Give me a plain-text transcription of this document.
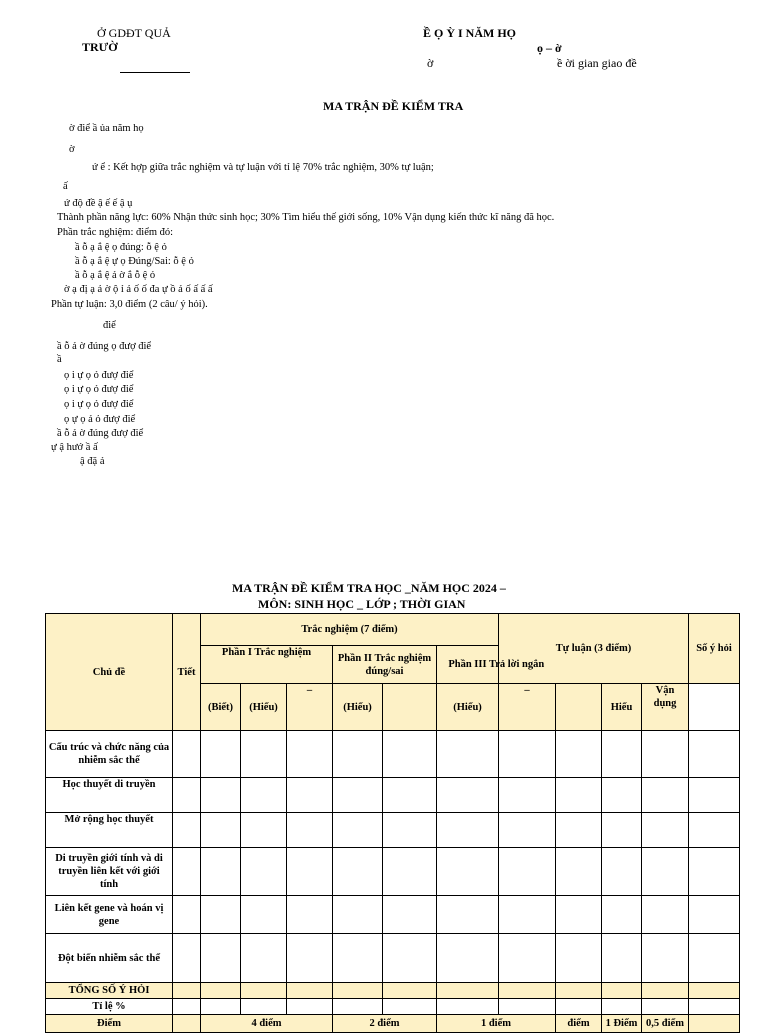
Ở GDĐT QUẢ
TRƯỜ
Ề Ọ Ỳ I NĂM HỌ
ọ – ờ
ờ	ề ời gian giao đề
MA TRẬN ĐỀ KIỂM TRA
ờ điể ầ ủa năm họ
ờ
ứ ể : Kết hợp giữa trắc nghiệm và tự luận với tỉ lệ 70% trắc nghiệm, 30% tự luận;
ấ
ứ độ đề ậ ế ế ậ ụ
Thành phần năng lực: 60% Nhận thức sinh học; 30% Tìm hiểu thế giới sống, 10% Vận dụng kiến thức kĩ năng đã học.
Phần trắc nghiệm: điểm đó:
ầ ỗ ạ ắ ệ ọ đúng: ỗ ệ ỏ
ầ ỗ ạ ắ ệ ự ọ Đúng/Sai: ỗ ệ ỏ
ầ ỗ ạ ắ ệ ả ờ ắ ỗ ệ ỏ
ờ ạ đị ạ ả ờ ộ ỉ ả ố ố đa ự ồ ả ố ấ ấ ấ
Phần tự luận: 3,0 điểm (2 câu/ ý hỏi).
điể
ầ ỗ ả ờ đúng ọ đượ điể
ầ
ọ i ự ọ ỏ đượ điể
ọ i ự ọ ỏ đượ điể
ọ i ự ọ ỏ đượ điể
ọ ự ọ ả ỏ đượ điể
ầ ỗ ả ờ đúng đượ điể
ự ậ hướ ầ ấ
ậ đặ ả
MA TRẬN ĐỀ KIỂM TRA HỌC _NĂM HỌC 2024 –
MÔN: SINH HỌC _ LỚP ; THỜI GIAN
Chủ đề	Tiết	Trắc nghiệm (7 điểm)						Tự luận (3 điểm)				Số ý hỏi
		Phần I Trắc nghiệm			Phần II Trắc nghiệm đúng/sai		Phần III Trả lời ngắn					
		(Biết)	(Hiểu)	–	(Hiểu)		(Hiểu)	–		Hiểu	Vận dụng	
Cấu trúc và chức năng của nhiễm sắc thể												
Học thuyết di truyền												
Mở rộng học thuyết												
Di truyền giới tính và di truyền liên kết với giới tính												
Liên kết gene và hoán vị gene												
Đột biến nhiễm sắc thể												
TỔNG SỐ Ý HỎI												
Tỉ lệ %												
Điểm		4 điểm			2 điểm		1 điểm		điểm	1 Điểm	0,5 điểm	
